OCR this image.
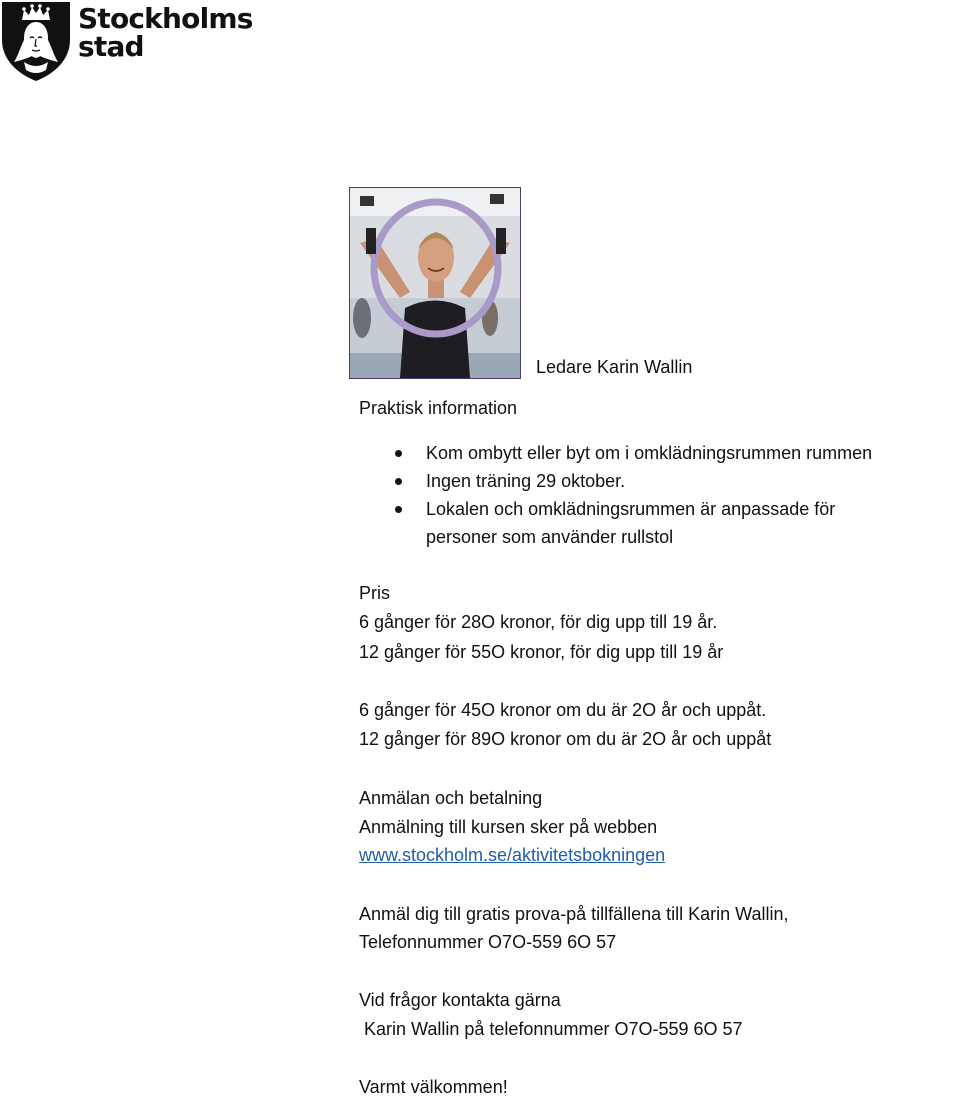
Stockholms
stad
Ledare Karin Wallin
Praktisk information
Kom ombytt eller byt om i omklädningsrummen rummen
Ingen träning 29 oktober.
Lokalen och omklädningsrummen är anpassade för
personer som använder rullstol
Pris
6 gånger för 28O kronor, för dig upp till 19 år.
12 gånger för 55O kronor, för dig upp till 19 år
6 gånger för 45O kronor om du är 2O år och uppåt.
12 gånger för 89O kronor om du är 2O år och uppåt
Anmälan och betalning
Anmälning till kursen sker på webben
www.stockholm.se/aktivitetsbokningen
Anmäl dig till gratis prova-på tillfällena till Karin Wallin,
Telefonnummer O7O-559 6O 57
Vid frågor kontakta gärna
Karin Wallin på telefonnummer O7O-559 6O 57
Varmt välkommen!
